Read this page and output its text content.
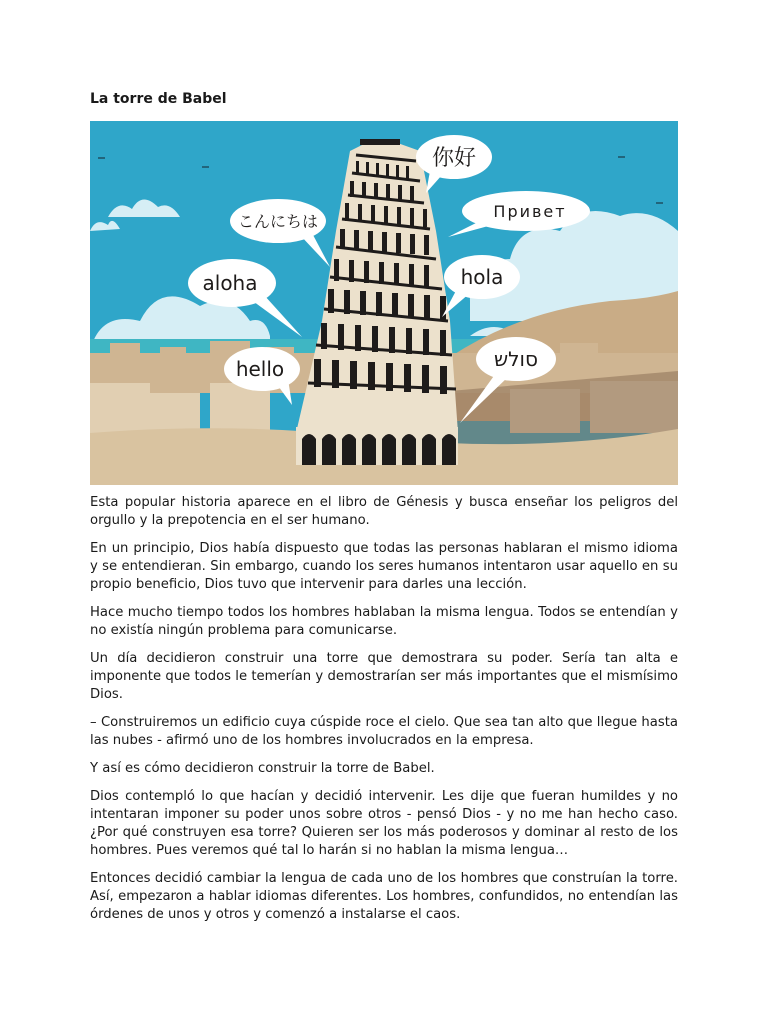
La torre de Babel
你好
Привет
こんにちは
aloha	hola
hello	סולש

Esta popular historia aparece en el libro de Génesis y busca enseñar los peligros del orgullo y la prepotencia en el ser humano.

En un principio, Dios había dispuesto que todas las personas hablaran el mismo idioma y se entendieran. Sin embargo, cuando los seres humanos intentaron usar aquello en su propio beneficio, Dios tuvo que intervenir para darles una lección.

Hace mucho tiempo todos los hombres hablaban la misma lengua. Todos se entendían y no existía ningún problema para comunicarse.

Un día decidieron construir una torre que demostrara su poder. Sería tan alta e imponente que todos le temerían y demostrarían ser más importantes que el mismísimo Dios.

– Construiremos un edificio cuya cúspide roce el cielo. Que sea tan alto que llegue hasta las nubes - afirmó uno de los hombres involucrados en la empresa.

Y así es cómo decidieron construir la torre de Babel.

Dios contempló lo que hacían y decidió intervenir. Les dije que fueran humildes y no intentaran imponer su poder unos sobre otros - pensó Dios - y no me han hecho caso. ¿Por qué construyen esa torre? Quieren ser los más poderosos y dominar al resto de los hombres. Pues veremos qué tal lo harán si no hablan la misma lengua…

Entonces decidió cambiar la lengua de cada uno de los hombres que construían la torre. Así, empezaron a hablar idiomas diferentes. Los hombres, confundidos, no entendían las órdenes de unos y otros y comenzó a instalarse el caos.
